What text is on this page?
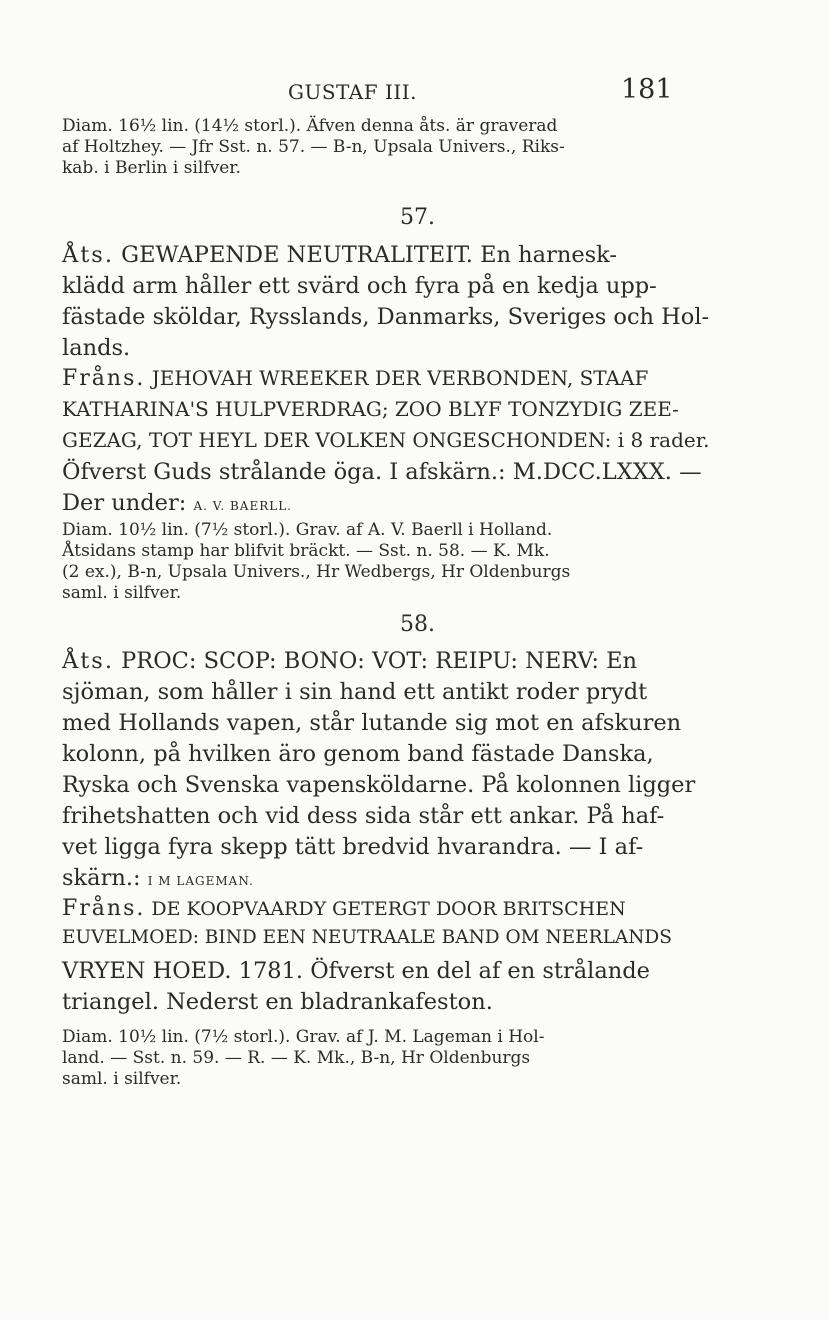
GUSTAF III.	181
Diam. 16½ lin. (14½ storl.). Äfven denna åts. är graverad
af Holtzhey. — Jfr Sst. n. 57. — B-n, Upsala Univers., Riks-
kab. i Berlin i silfver.
57.
Åts. GEWAPENDE NEUTRALITEIT. En harnesk-
klädd arm håller ett svärd och fyra på en kedja upp-
fästade sköldar, Rysslands, Danmarks, Sveriges och Hol-
lands.
Fråns. JEHOVAH WREEKER DER VERBONDEN, STAAF
KATHARINA'S HULPVERDRAG; ZOO BLYF TONZYDIG ZEE-
GEZAG, TOT HEYL DER VOLKEN ONGESCHONDEN: i 8 rader.
Öfverst Guds strålande öga. I afskärn.: M.DCC.LXXX. —
Der under: A. V. BAERLL.
Diam. 10½ lin. (7½ storl.). Grav. af A. V. Baerll i Holland.
Åtsidans stamp har blifvit bräckt. — Sst. n. 58. — K. Mk.
(2 ex.), B-n, Upsala Univers., Hr Wedbergs, Hr Oldenburgs
saml. i silfver.
58.
Åts. PROC: SCOP: BONO: VOT: REIPU: NERV: En
sjöman, som håller i sin hand ett antikt roder prydt
med Hollands vapen, står lutande sig mot en afskuren
kolonn, på hvilken äro genom band fästade Danska,
Ryska och Svenska vapensköldarne. På kolonnen ligger
frihetshatten och vid dess sida står ett ankar. På haf-
vet ligga fyra skepp tätt bredvid hvarandra. — I af-
skärn.: I M LAGEMAN.
Fråns. DE KOOPVAARDY GETERGT DOOR BRITSCHEN
EUVELMOED: BIND EEN NEUTRAALE BAND OM NEERLANDS
VRYEN HOED. 1781. Öfverst en del af en strålande
triangel. Nederst en bladrankafeston.
Diam. 10½ lin. (7½ storl.). Grav. af J. M. Lageman i Hol-
land. — Sst. n. 59. — R. — K. Mk., B-n, Hr Oldenburgs
saml. i silfver.
